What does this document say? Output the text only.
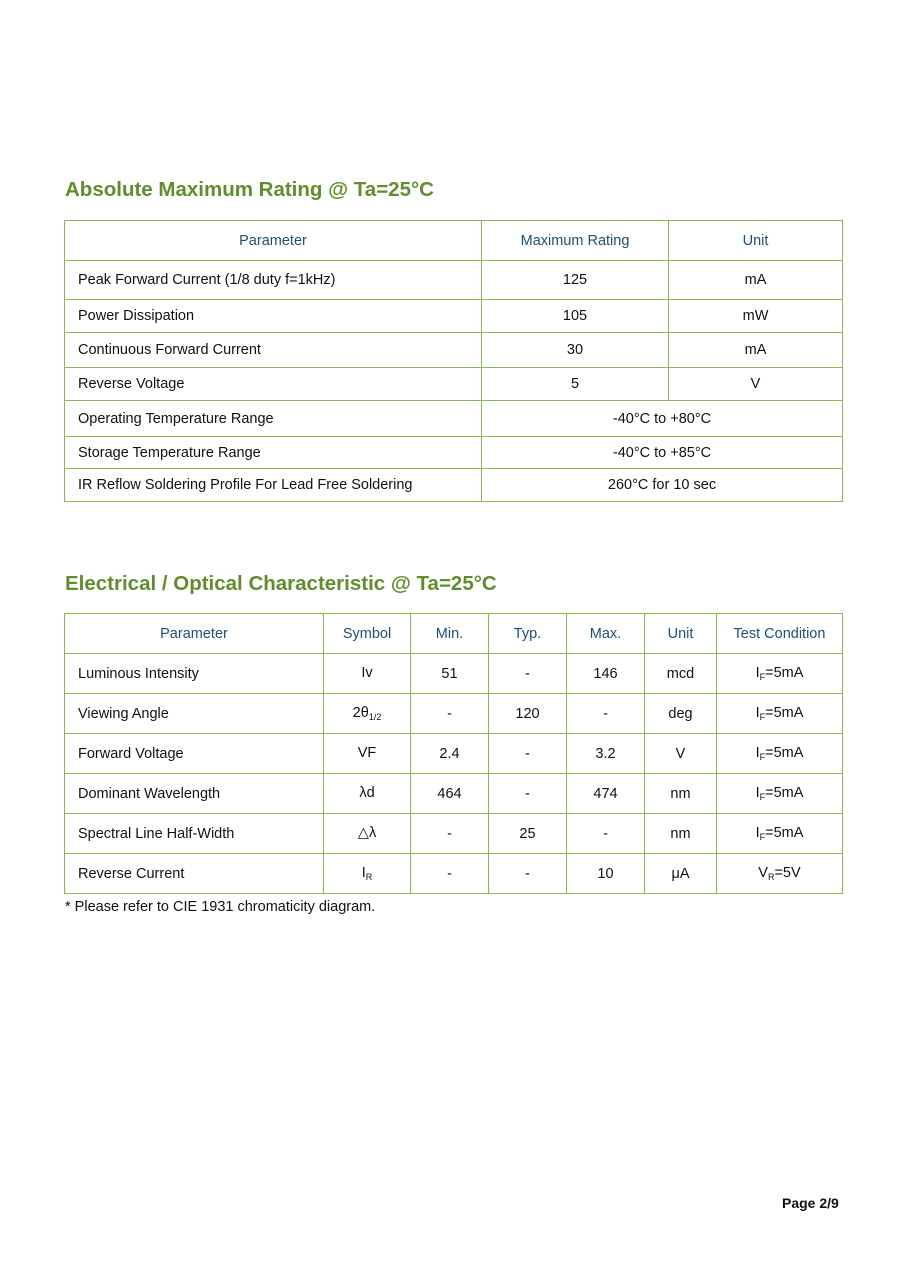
Absolute Maximum Rating @ Ta=25°C
Parameter	Maximum Rating	Unit
Peak Forward Current (1/8 duty f=1kHz)	125	mA
Power Dissipation	105	mW
Continuous Forward Current	30	mA
Reverse Voltage	5	V
Operating Temperature Range	-40°C to +80°C	
Storage Temperature Range	-40°C to +85°C	
IR Reflow Soldering Profile For Lead Free Soldering	260°C for 10 sec	
Electrical / Optical Characteristic @ Ta=25°C
Parameter	Symbol	Min.	Typ.	Max.	Unit	Test Condition
Luminous Intensity	Iv	51	-	146	mcd	$I_F=5mA$
Viewing Angle	$2\theta_{1/2}$	-	120	-	deg	$I_F=5mA$
Forward Voltage	VF	2.4	-	3.2	V	$I_F=5mA$
Dominant Wavelength	λd	464	-	474	nm	$I_F=5mA$
Spectral Line Half-Width	△λ	-	25	-	nm	$I_F=5mA$
Reverse Current	$I_R$	-	-	10	μA	$V_R=5V$

* Please refer to CIE 1931 chromaticity diagram.

Page 2/9
